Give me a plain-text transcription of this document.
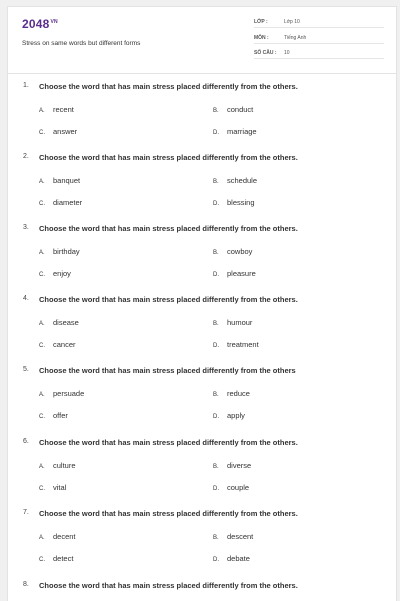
$2048^{VN}$
Stress on same words but different forms
LỚP :	Lớp 10
MÔN :	Tiếng Anh
SỐ CÂU : 10
1. Choose the word that has main stress placed differently from the others.
A. recent	B. conduct
C. answer	D. marriage
2. Choose the word that has main stress placed differently from the others.
A. banquet	B. schedule
C. diameter	D. blessing
3. Choose the word that has main stress placed differently from the others.
A. birthday	B. cowboy
C. enjoy	D. pleasure
4. Choose the word that has main stress placed differently from the others.
A. disease	B. humour
C. cancer	D. treatment
5. Choose the word that has main stress placed differently from the others
A. persuade	B. reduce
C. offer	D. apply
6. Choose the word that has main stress placed differently from the others.
A. culture	B. diverse
C. vital	D. couple
7. Choose the word that has main stress placed differently from the others.
A. decent	B. descent
C. detect	D. debate
8. Choose the word that has main stress placed differently from the others.
